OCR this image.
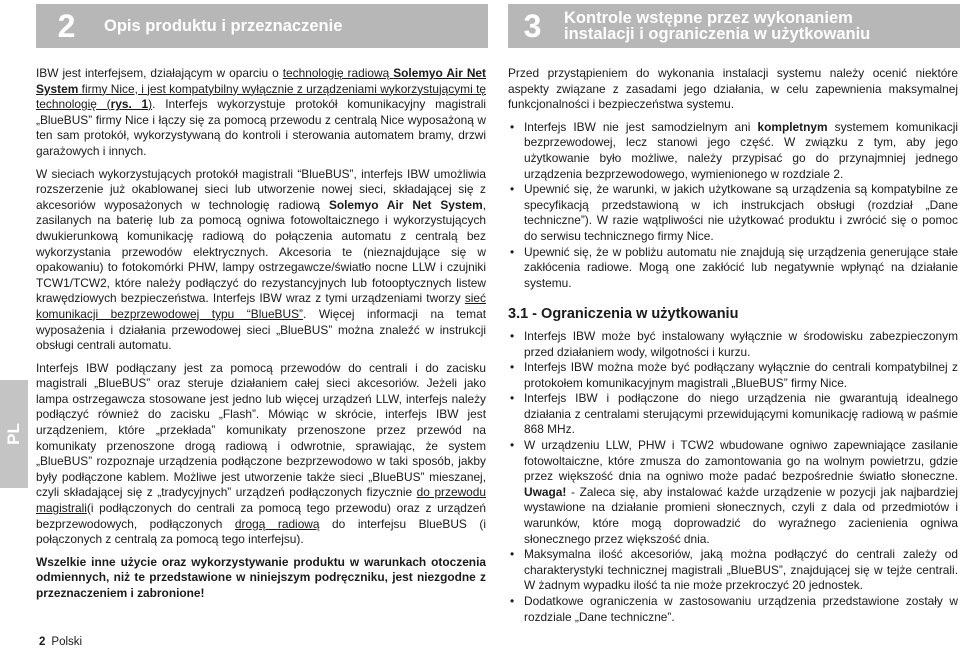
2	Opis produktu i przeznaczenie	3	Kontrole wstępne przez wykonaniem
instalacji i ograniczenia w użytkowaniu

IBW jest interfejsem, działającym w oparciu o technologię radiową Solemyo Air Net System firmy Nice, i jest kompatybilny wyłącznie z urządzeniami wykorzystującymi tę technologię (rys. 1). Interfejs wykorzystuje protokół komunikacyjny magistrali „BlueBUS” firmy Nice i łączy się za pomocą przewodu z centralą Nice wyposażoną w ten sam protokół, wykorzystywaną do kontroli i sterowania automatem bramy, drzwi garażowych i innych.

W sieciach wykorzystujących protokół magistrali “BlueBUS”, interfejs IBW umożliwia rozszerzenie już okablowanej sieci lub utworzenie nowej sieci, składającej się z akcesoriów wyposażonych w technologię radiową Solemyo Air Net System, zasilanych na baterię lub za pomocą ogniwa fotowoltaicznego i wykorzystujących dwukierunkową komunikację radiową do połączenia automatu z centralą bez wykorzystania przewodów elektrycznych. Akcesoria te (nieznajdujące się w opakowaniu) to fotokomórki PHW, lampy ostrzegawcze/światło nocne LLW i czujniki TCW1/TCW2, które należy podłączyć do rezystancyjnych lub fotooptycznych listew krawędziowych bezpieczeństwa. Interfejs IBW wraz z tymi urządzeniami tworzy sieć komunikacji bezprzewodowej typu “BlueBUS”. Więcej informacji na temat wyposażenia i działania przewodowej sieci „BlueBUS” można znaleźć w instrukcji obsługi centrali automatu.

Interfejs IBW podłączany jest za pomocą przewodów do centrali i do zacisku magistrali „BlueBUS” oraz steruje działaniem całej sieci akcesoriów. Jeżeli jako lampa ostrzegawcza stosowane jest jedno lub więcej urządzeń LLW, interfejs należy podłączyć również do zacisku „Flash”. Mówiąc w skrócie, interfejs IBW jest urządzeniem, które „przekłada” komunikaty przenoszone przez przewód na komunikaty przenoszone drogą radiową i odwrotnie, sprawiając, że system „BlueBUS” rozpoznaje urządzenia podłączone bezprzewodowo w taki sposób, jakby były podłączone kablem. Możliwe jest utworzenie także sieci „BlueBUS” mieszanej, czyli składającej się z „tradycyjnych” urządzeń podłączonych fizycznie do przewodu magistrali(i podłączonych do centrali za pomocą tego przewodu) oraz z urządzeń bezprzewodowych, podłączonych drogą radiową do interfejsu BlueBUS (i połączonych z centralą za pomocą tego interfejsu).

Wszelkie inne użycie oraz wykorzystywanie produktu w warunkach otoczenia odmiennych, niż te przedstawione w niniejszym podręczniku, jest niezgodne z przeznaczeniem i zabronione!

Przed przystąpieniem do wykonania instalacji systemu należy ocenić niektóre aspekty związane z zasadami jego działania, w celu zapewnienia maksymalnej funkcjonalności i bezpieczeństwa systemu.

• Interfejs IBW nie jest samodzielnym ani kompletnym systemem komunikacji bezprzewodowej, lecz stanowi jego część. W związku z tym, aby jego użytkowanie było możliwe, należy przypisać go do przynajmniej jednego urządzenia bezprzewodowego, wymienionego w rozdziale 2.
• Upewnić się, że warunki, w jakich użytkowane są urządzenia są kompatybilne ze specyfikacją przedstawioną w ich instrukcjach obsługi (rozdział „Dane techniczne”). W razie wątpliwości nie użytkować produktu i zwrócić się o pomoc do serwisu technicznego firmy Nice.
• Upewnić się, że w pobliżu automatu nie znajdują się urządzenia generujące stałe zakłócenia radiowe. Mogą one zakłócić lub negatywnie wpłynąć na działanie systemu.
3.1 - Ograniczenia w użytkowaniu
• Interfejs IBW może być instalowany wyłącznie w środowisku zabezpieczonym przed działaniem wody, wilgotności i kurzu.
• Interfejs IBW można może być podłączany wyłącznie do centrali kompatybilnej z protokołem komunikacyjnym magistrali „BlueBUS” firmy Nice.
• Interfejs IBW i podłączone do niego urządzenia nie gwarantują idealnego działania z centralami sterującymi przewidującymi komunikację radiową w paśmie 868 MHz.
• W urządzeniu LLW, PHW i TCW2 wbudowane ogniwo zapewniające zasilanie fotowoltaiczne, które zmusza do zamontowania go na wolnym powietrzu, gdzie przez większość dnia na ogniwo może padać bezpośrednie światło słoneczne. Uwaga! - Zaleca się, aby instalować każde urządzenie w pozycji jak najbardziej wystawione na działanie promieni słonecznych, czyli z dala od przedmiotów i warunków, które mogą doprowadzić do wyraźnego zacienienia ogniwa słonecznego przez większość dnia.
• Maksymalna ilość akcesoriów, jaką można podłączyć do centrali zależy od charakterystyki technicznej magistrali „BlueBUS”, znajdującej się w tejże centrali. W żadnym wypadku ilość ta nie może przekroczyć 20 jednostek.
• Dodatkowe ograniczenia w zastosowaniu urządzenia przedstawione zostały w rozdziale „Dane techniczne”.
PL
2 Polski
